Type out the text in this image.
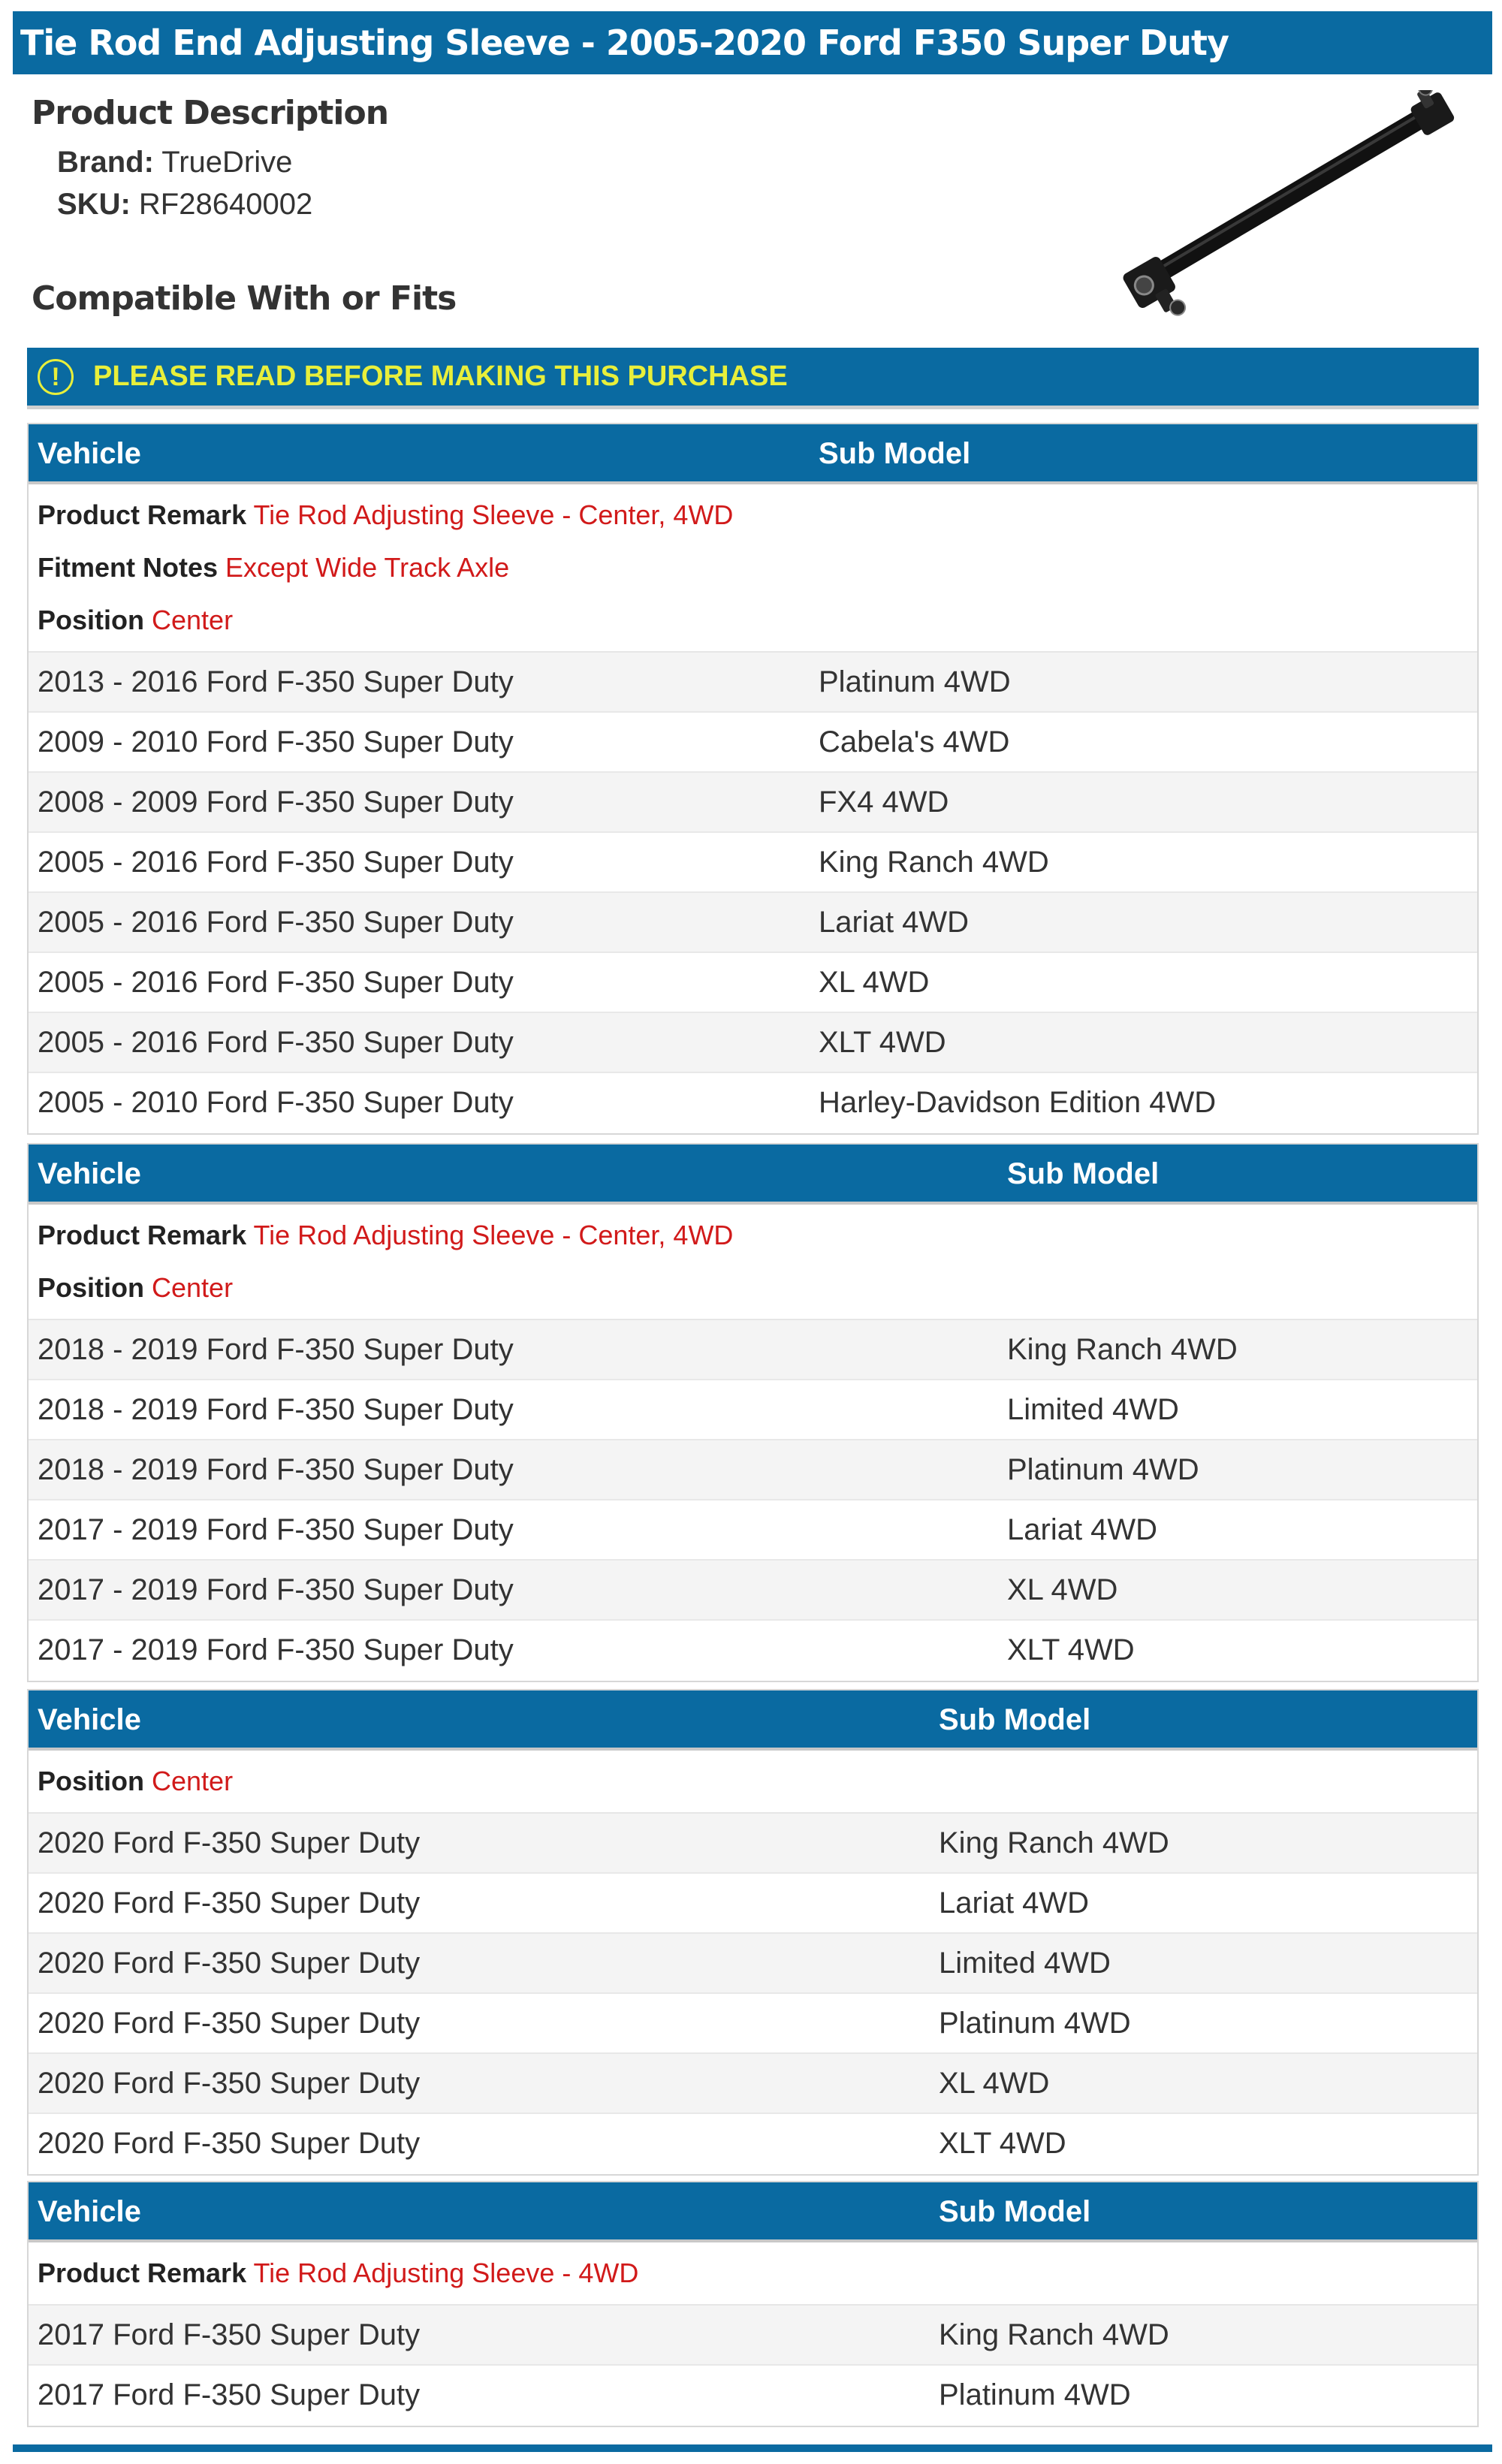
Tie Rod End Adjusting Sleeve - 2005-2020 Ford F350 Super Duty
Product Description
Brand: TrueDrive
SKU: RF28640002
Compatible With or Fits
!	PLEASE READ BEFORE MAKING THIS PURCHASE
Vehicle	Sub Model
Product Remark Tie Rod Adjusting Sleeve - Center, 4WD
Fitment Notes Except Wide Track Axle
Position Center
2013 - 2016 Ford F-350 Super Duty	Platinum 4WD
2009 - 2010 Ford F-350 Super Duty	Cabela's 4WD
2008 - 2009 Ford F-350 Super Duty	FX4 4WD
2005 - 2016 Ford F-350 Super Duty	King Ranch 4WD
2005 - 2016 Ford F-350 Super Duty	Lariat 4WD
2005 - 2016 Ford F-350 Super Duty	XL 4WD
2005 - 2016 Ford F-350 Super Duty	XLT 4WD
2005 - 2010 Ford F-350 Super Duty	Harley-Davidson Edition 4WD
Vehicle	Sub Model
Product Remark Tie Rod Adjusting Sleeve - Center, 4WD
Position Center
2018 - 2019 Ford F-350 Super Duty	King Ranch 4WD
2018 - 2019 Ford F-350 Super Duty	Limited 4WD
2018 - 2019 Ford F-350 Super Duty	Platinum 4WD
2017 - 2019 Ford F-350 Super Duty	Lariat 4WD
2017 - 2019 Ford F-350 Super Duty	XL 4WD
2017 - 2019 Ford F-350 Super Duty	XLT 4WD
Vehicle	Sub Model
Position Center
2020 Ford F-350 Super Duty	King Ranch 4WD
2020 Ford F-350 Super Duty	Lariat 4WD
2020 Ford F-350 Super Duty	Limited 4WD
2020 Ford F-350 Super Duty	Platinum 4WD
2020 Ford F-350 Super Duty	XL 4WD
2020 Ford F-350 Super Duty	XLT 4WD
Vehicle	Sub Model
Product Remark Tie Rod Adjusting Sleeve - 4WD
2017 Ford F-350 Super Duty	King Ranch 4WD
2017 Ford F-350 Super Duty	Platinum 4WD
